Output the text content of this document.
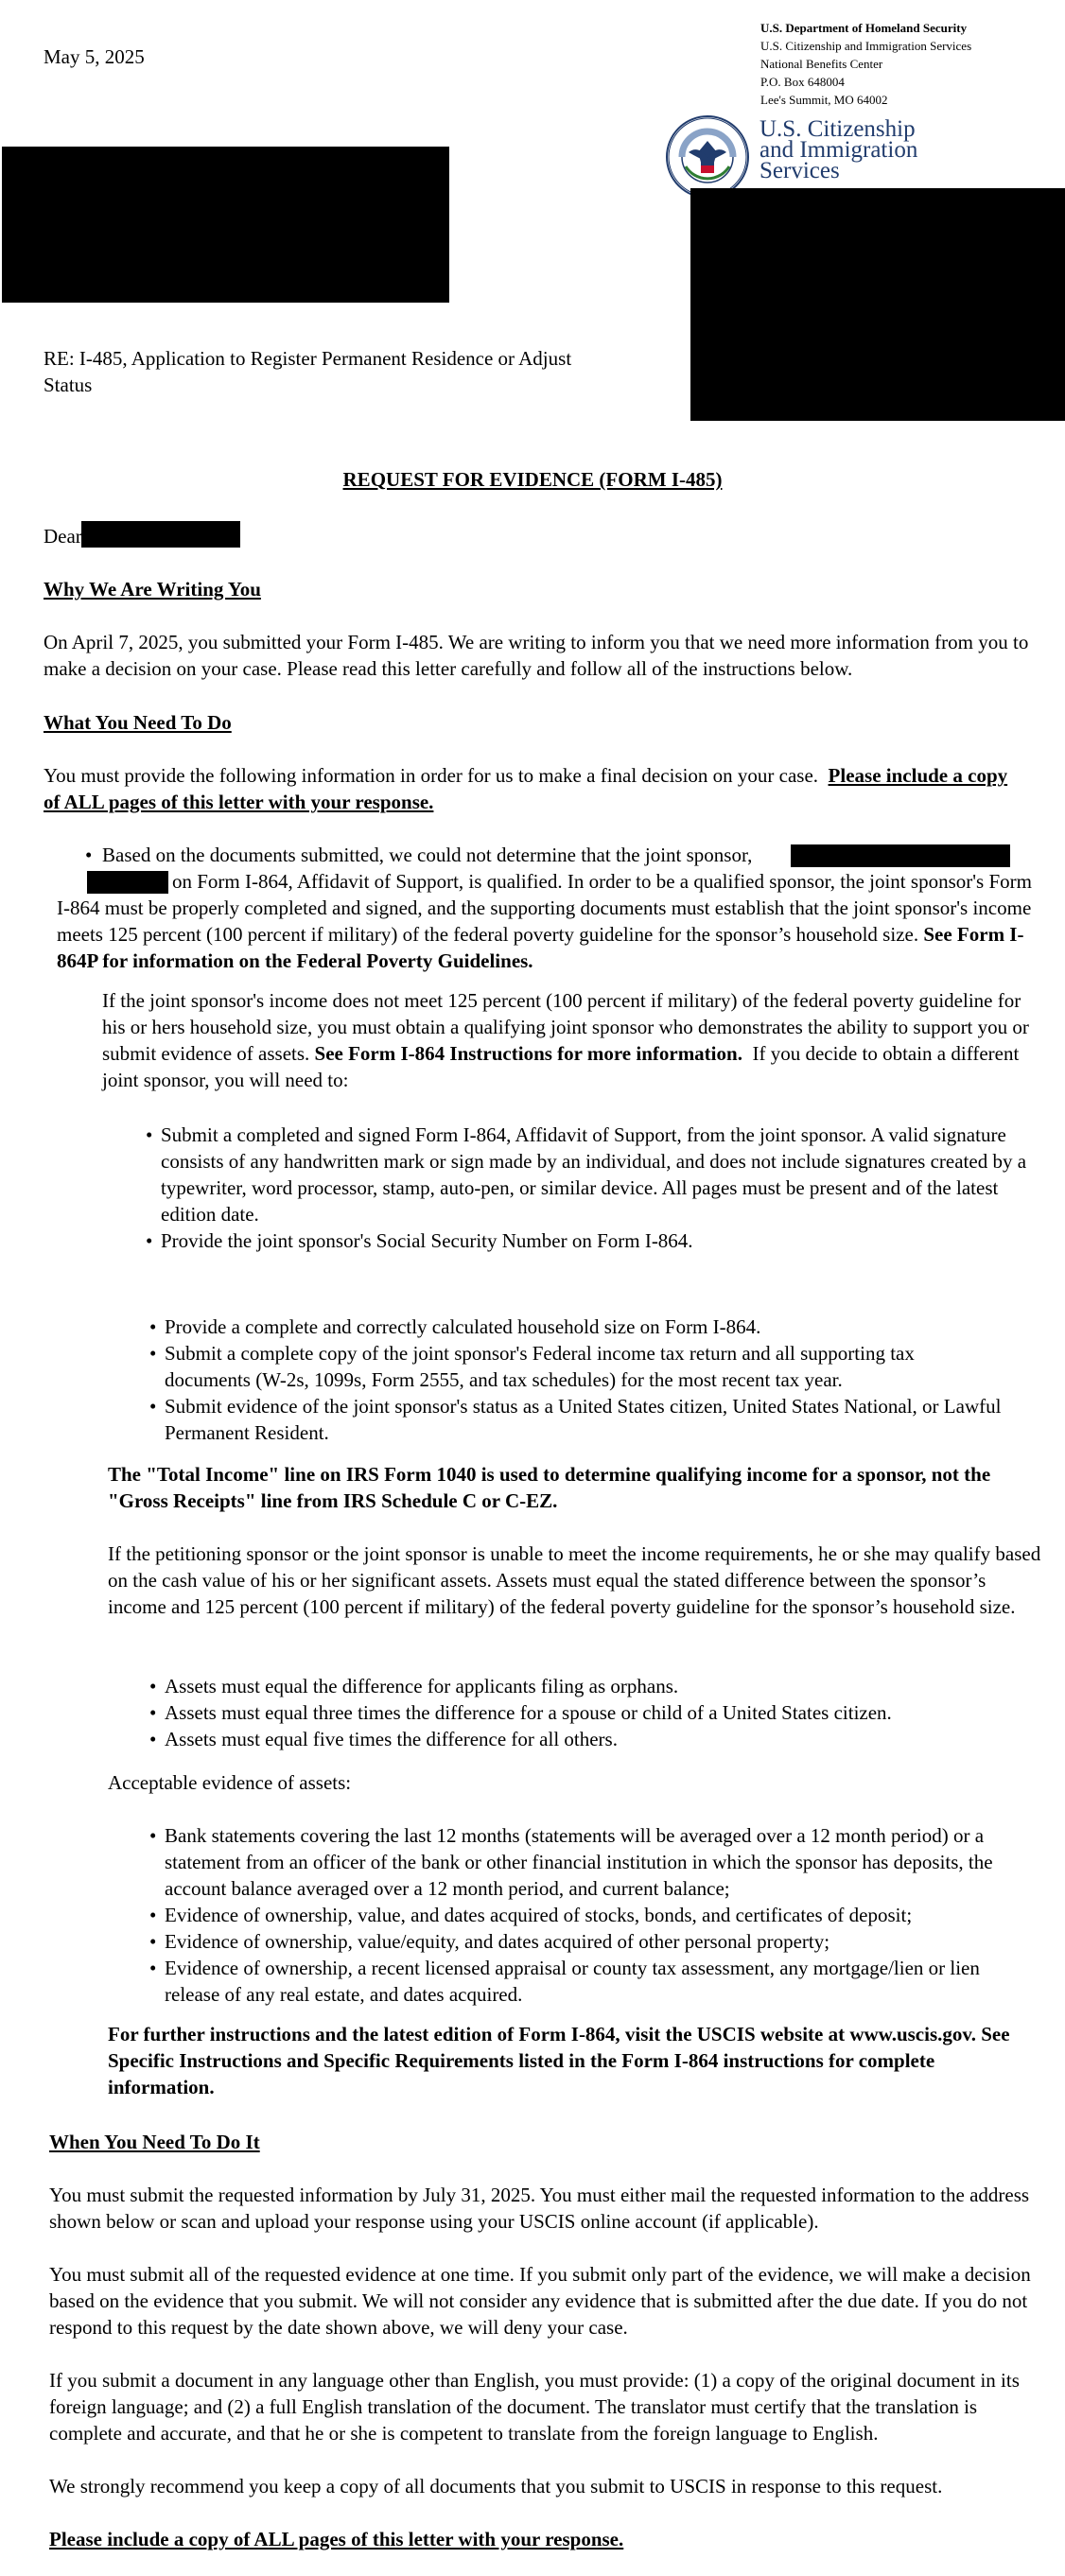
May 5, 2025
U.S. Department of Homeland Security
U.S. Citizenship and Immigration Services
National Benefits Center
P.O. Box 648004
Lee's Summit, MO 64002
U.S. Citizenship
and Immigration
Services

RE: I-485, Application to Register Permanent Residence or Adjust Status

REQUEST FOR EVIDENCE (FORM I-485)
Dear
Why We Are Writing You

On April 7, 2025, you submitted your Form I-485. We are writing to inform you that we need more information from you to make a decision on your case. Please read this letter carefully and follow all of the instructions below.

What You Need To Do

You must provide the following information in order for us to make a final decision on your case. Please include a copy of ALL pages of this letter with your response.

• Based on the documents submitted, we could not determine that the joint sponsor,

on Form I-864, Affidavit of Support, is qualified. In order to be a qualified sponsor, the joint sponsor's Form I-864 must be properly completed and signed, and the supporting documents must establish that the joint sponsor's income meets 125 percent (100 percent if military) of the federal poverty guideline for the sponsor’s household size. See Form I-864P for information on the Federal Poverty Guidelines.

If the joint sponsor's income does not meet 125 percent (100 percent if military) of the federal poverty guideline for his or hers household size, you must obtain a qualifying joint sponsor who demonstrates the ability to support you or submit evidence of assets. See Form I-864 Instructions for more information. If you decide to obtain a different joint sponsor, you will need to:

• Submit a completed and signed Form I-864, Affidavit of Support, from the joint sponsor. A valid signature consists of any handwritten mark or sign made by an individual, and does not include signatures created by a typewriter, word processor, stamp, auto-pen, or similar device. All pages must be present and of the latest edition date.

• Provide the joint sponsor's Social Security Number on Form I-864.

• Provide a complete and correctly calculated household size on Form I-864.

• Submit a complete copy of the joint sponsor's Federal income tax return and all supporting tax documents (W-2s, 1099s, Form 2555, and tax schedules) for the most recent tax year.

• Submit evidence of the joint sponsor's status as a United States citizen, United States National, or Lawful Permanent Resident.

The "Total Income" line on IRS Form 1040 is used to determine qualifying income for a sponsor, not the "Gross Receipts" line from IRS Schedule C or C-EZ.

If the petitioning sponsor or the joint sponsor is unable to meet the income requirements, he or she may qualify based on the cash value of his or her significant assets. Assets must equal the stated difference between the sponsor’s income and 125 percent (100 percent if military) of the federal poverty guideline for the sponsor’s household size.

• Assets must equal the difference for applicants filing as orphans.

• Assets must equal three times the difference for a spouse or child of a United States citizen.

• Assets must equal five times the difference for all others.

Acceptable evidence of assets:
• Bank statements covering the last 12 months (statements will be averaged over a 12 month period) or a statement from an officer of the bank or other financial institution in which the sponsor has deposits, the account balance averaged over a 12 month period, and current balance;

• Evidence of ownership, value, and dates acquired of stocks, bonds, and certificates of deposit;

• Evidence of ownership, value/equity, and dates acquired of other personal property;

• Evidence of ownership, a recent licensed appraisal or county tax assessment, any mortgage/lien or lien release of any real estate, and dates acquired.

For further instructions and the latest edition of Form I-864, visit the USCIS website at www.uscis.gov. See Specific Instructions and Specific Requirements listed in the Form I-864 instructions for complete information.

When You Need To Do It

You must submit the requested information by July 31, 2025. You must either mail the requested information to the address shown below or scan and upload your response using your USCIS online account (if applicable).

You must submit all of the requested evidence at one time. If you submit only part of the evidence, we will make a decision based on the evidence that you submit. We will not consider any evidence that is submitted after the due date. If you do not respond to this request by the date shown above, we will deny your case.

If you submit a document in any language other than English, you must provide: (1) a copy of the original document in its foreign language; and (2) a full English translation of the document. The translator must certify that the translation is complete and accurate, and that he or she is competent to translate from the foreign language to English.

We strongly recommend you keep a copy of all documents that you submit to USCIS in response to this request.

Please include a copy of ALL pages of this letter with your response.
